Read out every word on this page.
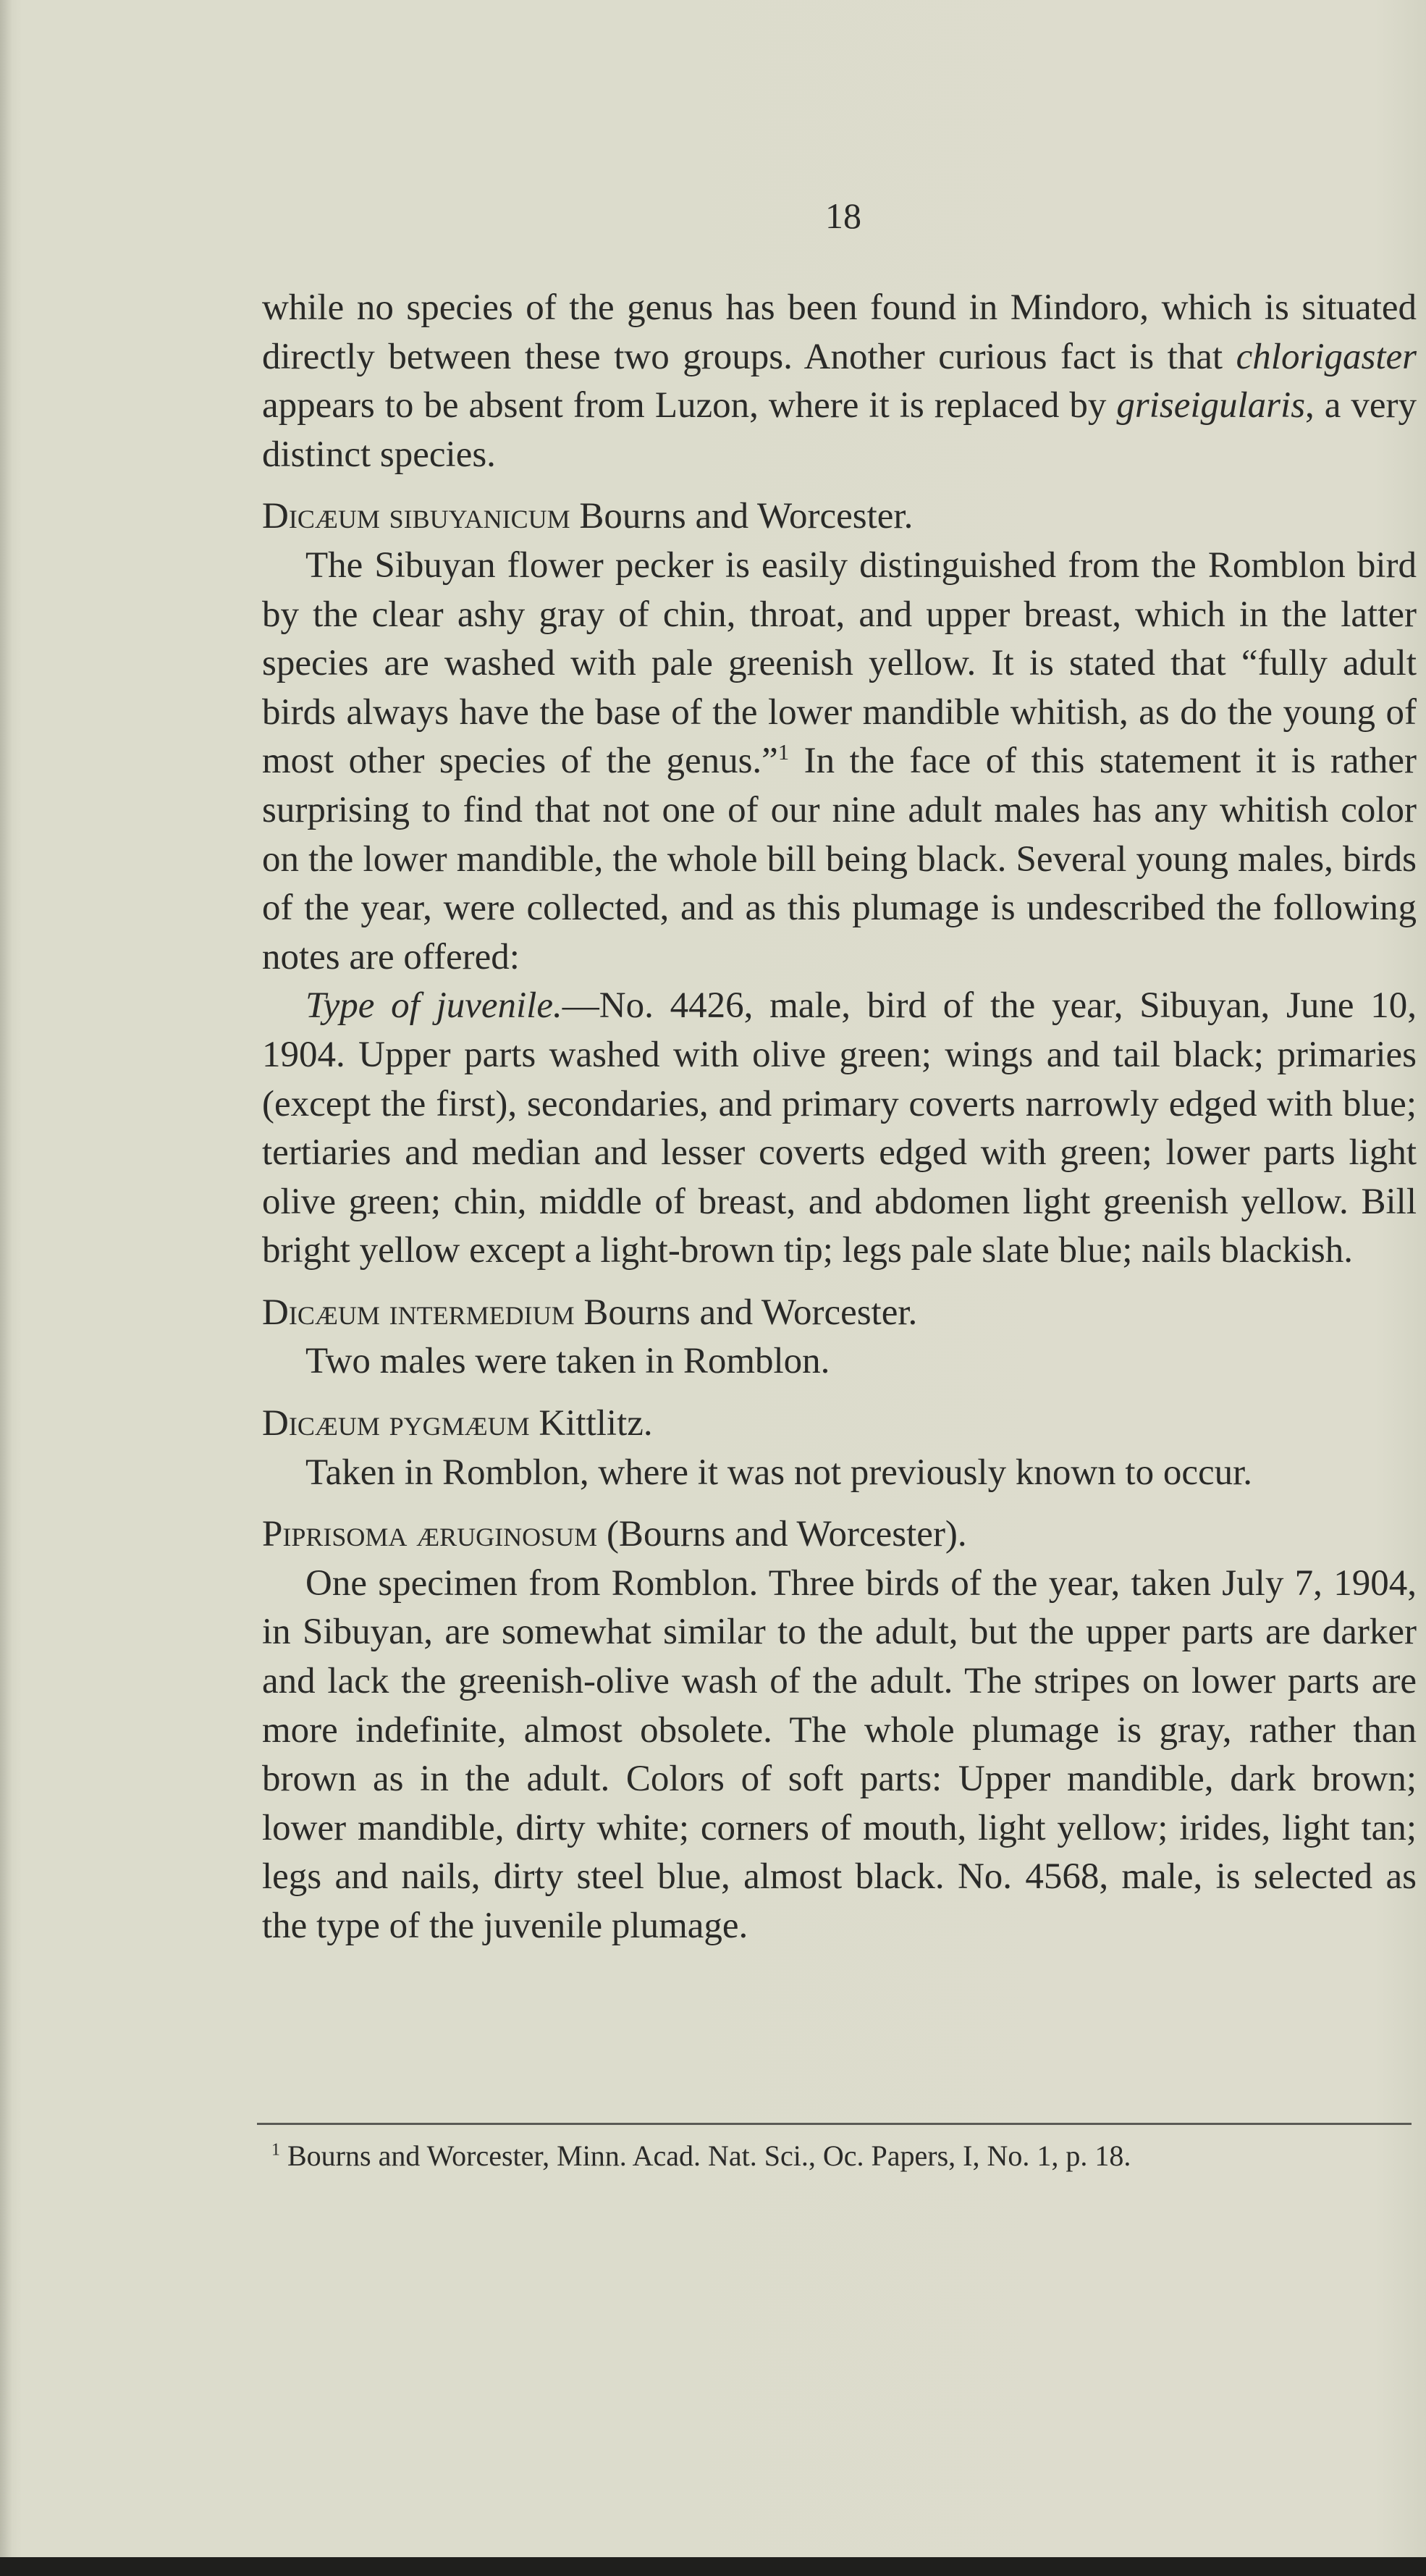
18

while no species of the genus has been found in Mindoro, which is situated directly between these two groups. Another curious fact is that chlorigaster appears to be absent from Luzon, where it is replaced by griseigularis, a very distinct species.

Dicæum sibuyanicum Bourns and Worcester.

The Sibuyan flower pecker is easily distinguished from the Romblon bird by the clear ashy gray of chin, throat, and upper breast, which in the latter species are washed with pale greenish yellow. It is stated that “fully adult birds always have the base of the lower mandible whitish, as do the young of most other species of the genus.”$^1$ In the face of this statement it is rather surprising to find that not one of our nine adult males has any whitish color on the lower mandible, the whole bill being black. Several young males, birds of the year, were collected, and as this plumage is undescribed the following notes are offered:

Type of juvenile.—No. 4426, male, bird of the year, Sibuyan, June 10, 1904. Upper parts washed with olive green; wings and tail black; primaries (except the first), secondaries, and primary coverts narrowly edged with blue; tertiaries and median and lesser coverts edged with green; lower parts light olive green; chin, middle of breast, and abdomen light greenish yellow. Bill bright yellow except a light-brown tip; legs pale slate blue; nails blackish.

Dicæum intermedium Bourns and Worcester.

Two males were taken in Romblon.

Dicæum pygmæum Kittlitz.

Taken in Romblon, where it was not previously known to occur.

Piprisoma æruginosum (Bourns and Worcester).

One specimen from Romblon. Three birds of the year, taken July 7, 1904, in Sibuyan, are somewhat similar to the adult, but the upper parts are darker and lack the greenish-olive wash of the adult. The stripes on lower parts are more indefinite, almost obsolete. The whole plumage is gray, rather than brown as in the adult. Colors of soft parts: Upper mandible, dark brown; lower mandible, dirty white; corners of mouth, light yellow; irides, light tan; legs and nails, dirty steel blue, almost black. No. 4568, male, is selected as the type of the juvenile plumage.

$^1$ Bourns and Worcester, Minn. Acad. Nat. Sci., Oc. Papers, I, No. 1, p. 18.
